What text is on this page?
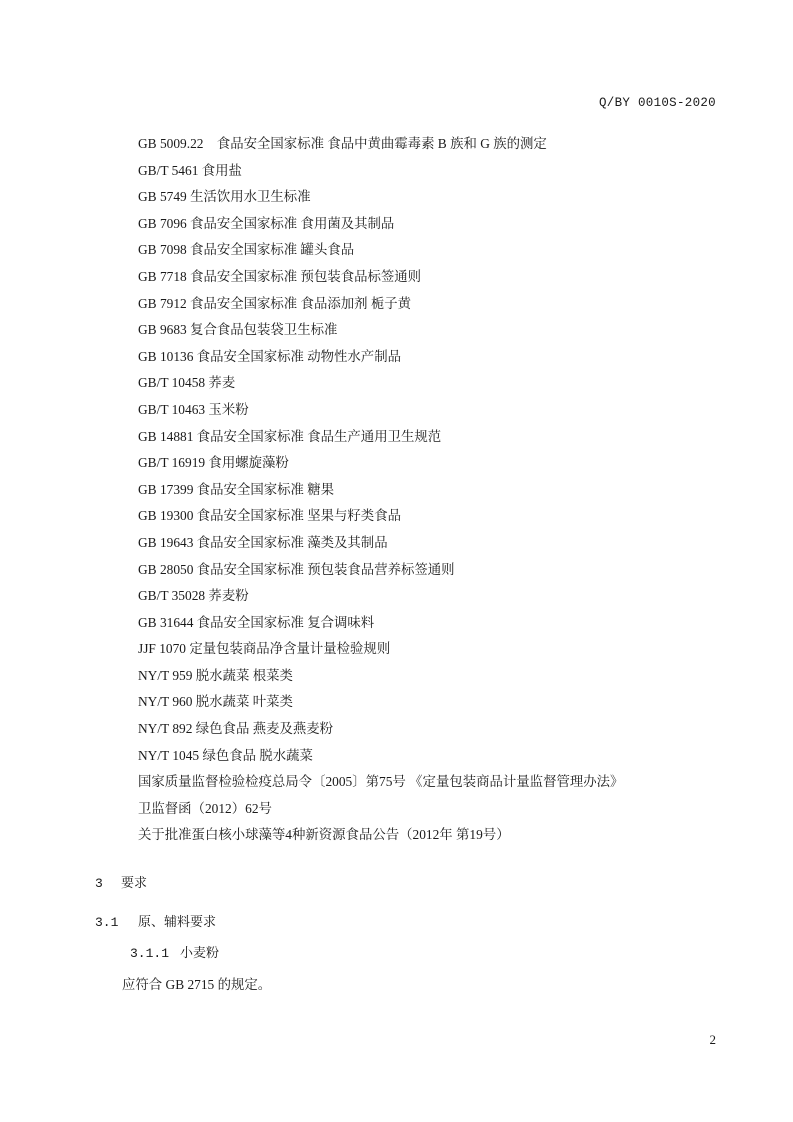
Q/BY 0010S-2020
GB 5009.22　食品安全国家标准 食品中黄曲霉毒素 B 族和 G 族的测定
GB/T 5461 食用盐
GB 5749 生活饮用水卫生标准
GB 7096 食品安全国家标准 食用菌及其制品
GB 7098 食品安全国家标准 罐头食品
GB 7718 食品安全国家标准 预包装食品标签通则
GB 7912 食品安全国家标准 食品添加剂 栀子黄
GB 9683 复合食品包装袋卫生标准
GB 10136 食品安全国家标准 动物性水产制品
GB/T 10458 荞麦
GB/T 10463 玉米粉
GB 14881 食品安全国家标准 食品生产通用卫生规范
GB/T 16919 食用螺旋藻粉
GB 17399 食品安全国家标准 糖果
GB 19300 食品安全国家标准 坚果与籽类食品
GB 19643 食品安全国家标准 藻类及其制品
GB 28050 食品安全国家标准 预包装食品营养标签通则
GB/T 35028 荞麦粉
GB 31644 食品安全国家标准 复合调味料
JJF 1070 定量包装商品净含量计量检验规则
NY/T 959 脱水蔬菜 根菜类
NY/T 960 脱水蔬菜 叶菜类
NY/T 892 绿色食品 燕麦及燕麦粉
NY/T 1045 绿色食品 脱水蔬菜
国家质量监督检验检疫总局令〔2005〕第75号 《定量包装商品计量监督管理办法》
卫监督函（2012）62号
关于批准蛋白核小球藻等4种新资源食品公告（2012年 第19号）
3 要求
3.1 原、辅料要求
3.1.1 小麦粉
应符合 GB 2715 的规定。
2
